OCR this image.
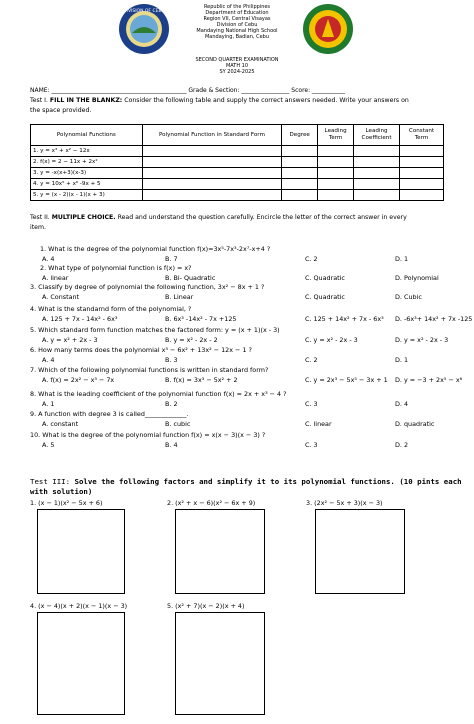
DIVISION OF CEBU
Republic of the Philippines
Department of Education
Region VII, Central Visayas
Division of Cebu
Mandaying National High School
Mandaying, Badian, Cebu
SECOND QUARTER EXAMINATION
MATH 10
SY 2024-2025
NAME: _____________________________________________ Grade & Section: ________________ Score: ___________
Test I. FILL IN THE BLANKZ: Consider the following table and supply the correct answers needed. Write your answers on
the space provided.
Polynomial Functions	Polynomial Function in Standard Form	Degree	Leading Term	Leading Coefficient	Constant Term
1. y = x³ + x² − 12x					
2. f(x) = 2 − 11x + 2x²					
3. y = -x(x+3)(x-3)					
4. y = 10x⁵ + x⁶ -9x + 5					
5. y = (x - 2)(x - 1)(x + 3)					
Test II. MULTIPLE CHOICE. Read and understand the question carefully. Encircle the letter of the correct answer in every
item.
1. What is the degree of the polynomial function f(x)=3x⁵-7x³-2x⁷-x+4 ?
A. 4	B. 7	C. 2	D. 1
2. What type of polynomial function is f(x) = x?
A. linear	B. Bi- Quadratic	C. Quadratic	D. Polynomial
3. Classify by degree of polynomial the following function, 3x² − 8x + 1 ?
A. Constant	B. Linear	C. Quadratic	D. Cubic
4. What is the standarnd form of the polynomial, ?
A. 125 + 7x - 14x² - 6x³	B. 6x³ -14x² - 7x +125	C. 125 + 14x² + 7x - 6x³ D. -6x³+ 14x² + 7x -125
5. Which standard form function matches the factored form: y = (x + 1)(x - 3)
A. y = x² + 2x - 3	B. y = x² - 2x - 2	C. y = x² - 2x - 3	D. y = x² - 2x - 3
6. How many terms does the polynomial x³ − 6x² + 13x² − 12x − 1 ?
A. 4	B. 3	C. 2	D. 1
7. Which of the following polynomial functions is written in standard form?
A. f(x) = 2x² − x³ − 7x	B. f(x) = 3x³ − 5x² + 2	C. y = 2x³ − 5x⁵ − 3x + 1 D. y = −3 + 2x⁵ − x⁶
8. What is the leading coefficient of the polynomial function f(x) = 2x + x³ − 4 ?
A. 1	B. 2	C. 3	D. 4
9. A function with degree 3 is called_____________.
A. constant	B. cubic	C. linear	D. quadratic
10. What is the degree of the polynomial function f(x) = x(x − 3)(x − 3) ?
A. 5	B. 4	C. 3	D. 2
Test III: Solve the following factors and simplify it to its polynomial functions. (10 pints each
with solution)
1. (x − 1)(x² − 5x + 6)	2. (x² + x − 6)(x² − 6x + 9)	3. (2x² − 5x + 3)(x − 3)
4. (x − 4)(x + 2)(x − 1)(x − 3)	5. (x² + 7)(x − 2)(x + 4)
